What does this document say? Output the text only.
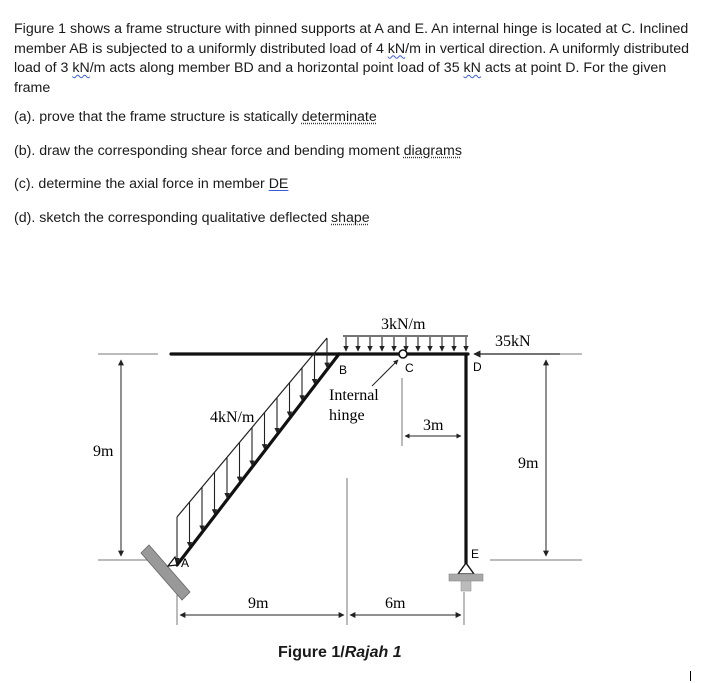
Figure 1 shows a frame structure with pinned supports at A and E. An internal hinge is located at C. Inclined member AB is subjected to a uniformly distributed load of 4 kN/m in vertical direction. A uniformly distributed load of 3 kN/m acts along member BD and a horizontal point load of 35 kN acts at point D. For the given frame

(a). prove that the frame structure is statically determinate

(b). draw the corresponding shear force and bending moment diagrams

(c). determine the axial force in member DE

(d). sketch the corresponding qualitative deflected shape

A
B	C	D
E
3kN/m
4kN/m
35kN
Internal
hinge
3m
9m
9m
9m	6m
Figure 1/Rajah 1
